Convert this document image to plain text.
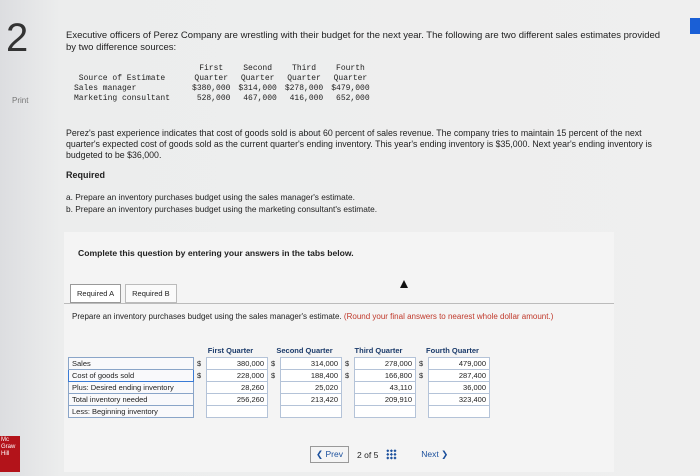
2
Print
Executive officers of Perez Company are wrestling with their budget for the next year. The following are two different sales estimates provided by two difference sources:
	First	Second	Third	Fourth
Source of Estimate	Quarter	Quarter	Quarter	Quarter
Sales manager	$380,000	$314,000	$278,000	$479,000
Marketing consultant	528,000	467,000	416,000	652,000
Perez's past experience indicates that cost of goods sold is about 60 percent of sales revenue. The company tries to maintain 15 percent of the next quarter's expected cost of goods sold as the current quarter's ending inventory. This year's ending inventory is $35,000. Next year's ending inventory is budgeted to be $36,000.
Required
a. Prepare an inventory purchases budget using the sales manager's estimate.
b. Prepare an inventory purchases budget using the marketing consultant's estimate.
Complete this question by entering your answers in the tabs below.
Required A	Required B
Prepare an inventory purchases budget using the sales manager's estimate. (Round your final answers to nearest whole dollar amount.)
	First Quarter		Second Quarter		Third Quarter		Fourth Quarter	
Sales	$	380,000	$	314,000	$	278,000	$	479,000
Cost of goods sold	$	228,000	$	188,400	$	166,800	$	287,400
Plus: Desired ending inventory		28,260		25,020		43,110		36,000
Total inventory needed		256,260		213,420		209,910		323,400
Less: Beginning inventory								
❮ Prev	2 of 5	Next ❯
Mc Graw Hill
